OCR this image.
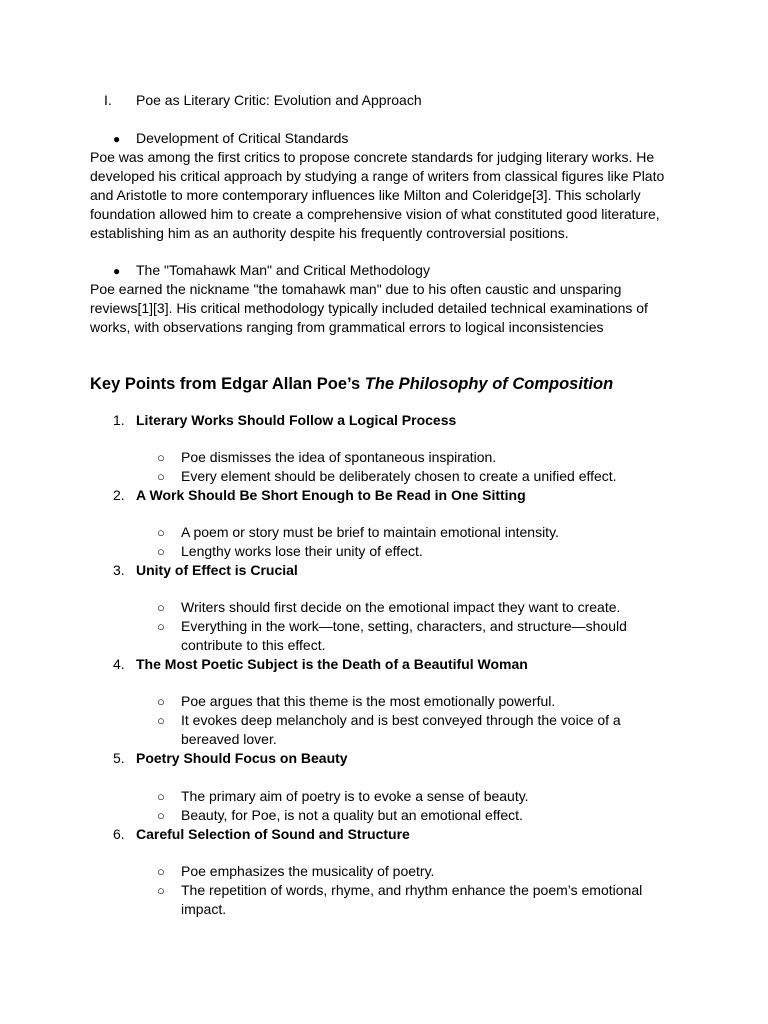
I. Poe as Literary Critic: Evolution and Approach
● Development of Critical Standards
Poe was among the first critics to propose concrete standards for judging literary works. He developed his critical approach by studying a range of writers from classical figures like Plato and Aristotle to more contemporary influences like Milton and Coleridge[3]. This scholarly foundation allowed him to create a comprehensive vision of what constituted good literature, establishing him as an authority despite his frequently controversial positions.
● The "Tomahawk Man" and Critical Methodology
Poe earned the nickname "the tomahawk man" due to his often caustic and unsparing reviews[1][3]. His critical methodology typically included detailed technical examinations of works, with observations ranging from grammatical errors to logical inconsistencies
Key Points from Edgar Allan Poe’s The Philosophy of Composition
1. Literary Works Should Follow a Logical Process
○ Poe dismisses the idea of spontaneous inspiration.
○ Every element should be deliberately chosen to create a unified effect.
2. A Work Should Be Short Enough to Be Read in One Sitting
○ A poem or story must be brief to maintain emotional intensity.
○ Lengthy works lose their unity of effect.
3. Unity of Effect is Crucial
○ Writers should first decide on the emotional impact they want to create.
○ Everything in the work—tone, setting, characters, and structure—should contribute to this effect.
4. The Most Poetic Subject is the Death of a Beautiful Woman
○ Poe argues that this theme is the most emotionally powerful.
○ It evokes deep melancholy and is best conveyed through the voice of a bereaved lover.
5. Poetry Should Focus on Beauty
○ The primary aim of poetry is to evoke a sense of beauty.
○ Beauty, for Poe, is not a quality but an emotional effect.
6. Careful Selection of Sound and Structure
○ Poe emphasizes the musicality of poetry.
○ The repetition of words, rhyme, and rhythm enhance the poem’s emotional impact.
